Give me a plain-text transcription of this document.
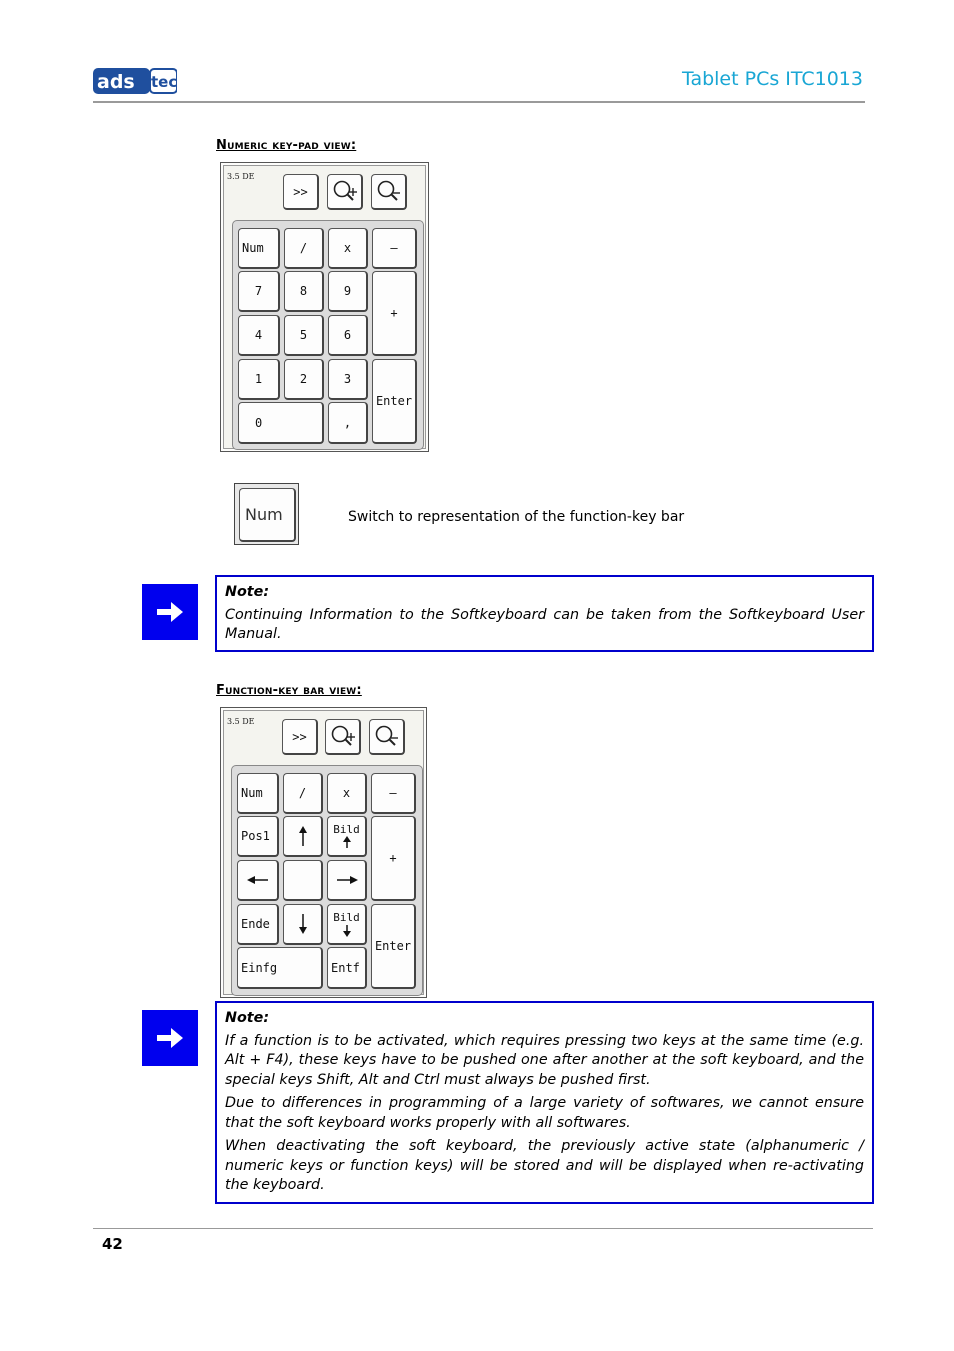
ads tec	Tablet PCs ITC1013
Numeric key-pad view:
3.5 DE
>>
Num	/	x	–
7	8	9
+
4	5	6
1	2	3
Enter
0	,
Num	Switch to representation of the function-key bar
Note:

Continuing Information to the Softkeyboard can be taken from the Softkeyboard User Manual.

Function-key bar view:
3.5 DE
>>
Num	/	x	–
Pos1	Bild
+
Ende	Bild
Enter
Einfg	Entf
Note:

If a function is to be activated, which requires pressing two keys at the same time (e.g. Alt + F4), these keys have to be pushed one after another at the soft keyboard, and the special keys Shift, Alt and Ctrl must always be pushed first.

Due to differences in programming of a large variety of softwares, we cannot ensure that the soft keyboard works properly with all softwares.

When deactivating the soft keyboard, the previously active state (alphanumeric / numeric keys or function keys) will be stored and will be displayed when re-activating the keyboard.

42
